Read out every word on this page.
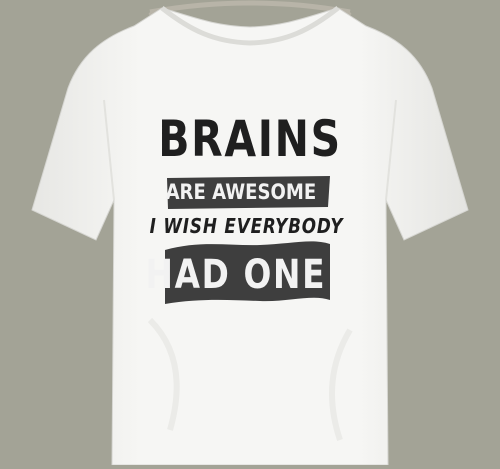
BRAINS
ARE AWESOME
I WISH EVERYBODY
HAD ONE
